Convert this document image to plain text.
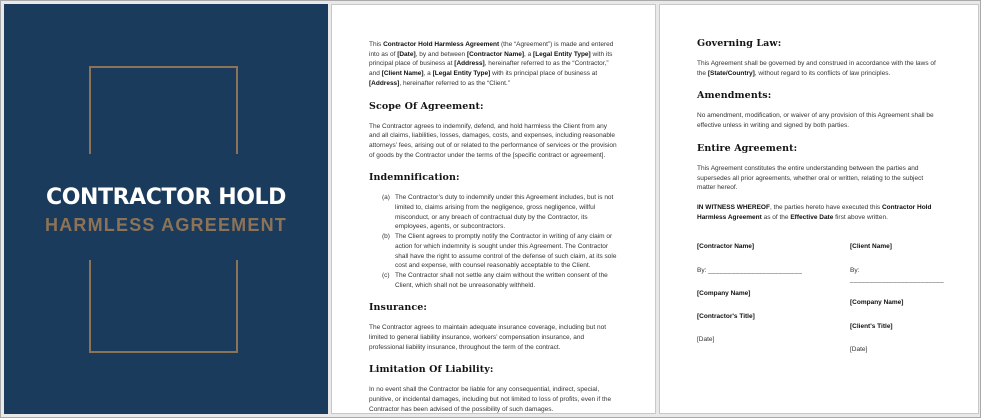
CONTRACTOR HOLD
HARMLESS AGREEMENT

This Contractor Hold Harmless Agreement (the “Agreement”) is made and entered into as of [Date], by and between [Contractor Name], a [Legal Entity Type] with its principal place of business at [Address], hereinafter referred to as the “Contractor,” and [Client Name], a [Legal Entity Type] with its principal place of business at [Address], hereinafter referred to as the “Client.”

Scope Of Agreement:

The Contractor agrees to indemnify, defend, and hold harmless the Client from any and all claims, liabilities, losses, damages, costs, and expenses, including reasonable attorneys’ fees, arising out of or related to the performance of services or the provision of goods by the Contractor under the terms of the [specific contract or agreement].

Indemnification:
(a) The Contractor’s duty to indemnify under this Agreement includes, but is not limited to, claims arising from the negligence, gross negligence, willful misconduct, or any breach of contractual duty by the Contractor, its employees, agents, or subcontractors.
(b) The Client agrees to promptly notify the Contractor in writing of any claim or action for which indemnity is sought under this Agreement. The Contractor shall have the right to assume control of the defense of such claim, at its sole cost and expense, with counsel reasonably acceptable to the Client.
(c) The Contractor shall not settle any claim without the written consent of the Client, which shall not be unreasonably withheld.
Insurance:

The Contractor agrees to maintain adequate insurance coverage, including but not limited to general liability insurance, workers’ compensation insurance, and professional liability insurance, throughout the term of the contract.

Limitation Of Liability:

In no event shall the Contractor be liable for any consequential, indirect, special, punitive, or incidental damages, including but not limited to loss of profits, even if the Contractor has been advised of the possibility of such damages.

Governing Law:

This Agreement shall be governed by and construed in accordance with the laws of the [State/Country], without regard to its conflicts of law principles.

Amendments:

No amendment, modification, or waiver of any provision of this Agreement shall be effective unless in writing and signed by both parties.

Entire Agreement:

This Agreement constitutes the entire understanding between the parties and supersedes all prior agreements, whether oral or written, relating to the subject matter hereof.

IN WITNESS WHEREOF, the parties hereto have executed this Contractor Hold Harmless Agreement as of the Effective Date first above written.

[Contractor Name]
By: ________________________
[Company Name]
[Contractor's Title]
[Date]
[Client Name]
By: ________________________
[Company Name]
[Client's Title]
[Date]
